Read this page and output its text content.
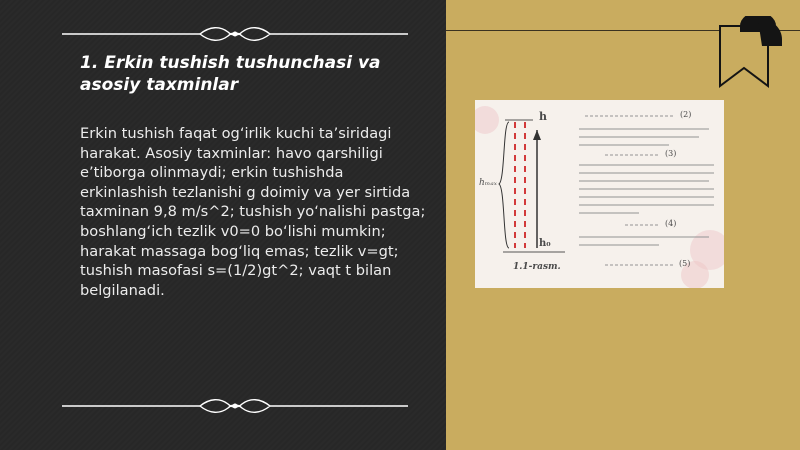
1. Erkin tushish tushunchasi va asosiy taxminlar

Erkin tushish faqat og‘irlik kuchi ta’siridagi harakat. Asosiy taxminlar: havo qarshiligi e’tiborga olinmaydi; erkin tushishda erkinlashish tezlanishi g doimiy va yer sirtida taxminan 9,8 m/s^2; tushish yo‘nalishi pastga; boshlang‘ich tezlik v0=0 bo‘lishi mumkin; harakat massaga bog‘liq emas; tezlik v=gt; tushish masofasi s=(1/2)gt^2; vaqt t bilan belgilanadi.

h
hₘₐₓ
h₀
1.1-rasm.
(2)
(3)
(4)
(5)
